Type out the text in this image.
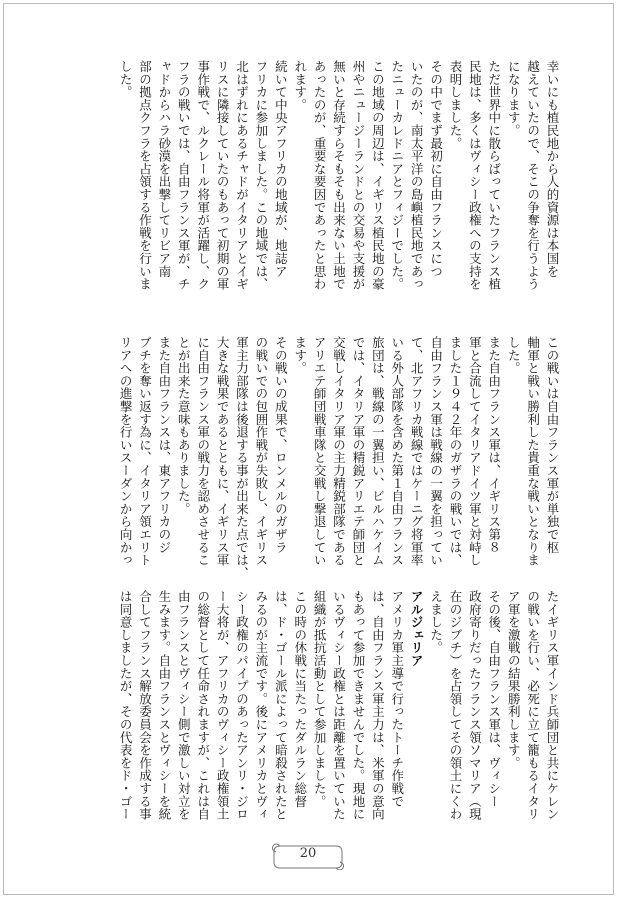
幸いにも植民地から人的資源は本国を
越えていたので、そこの争奪を行うよう
になります。
ただ世界中に散らばっていたフランス植
民地は、多くはヴィシー政権への支持を
表明しました。
その中でまず最初に自由フランスにつ
いたのが、南太平洋の島嶼植民地であっ
たニューカレドニアとフィジーでした。
この地域の周辺は、イギリス植民地の豪
州やニュージーランドとの交易や支援が
無いと存続すらそもそも出来ない土地で
あったのが、重要な要因であったと思わ
れます。
続いて中央アフリカの地域が、地誌ア
フリカに参加しました。この地域では、
北はずれにあるチャドがイタリアとイギ
リスに隣接していたのもあって初期の軍
事作戦で、ルクレール将軍が活躍し、ク
フラの戦いでは、自由フランス軍が、チ
ャドからハラ砂漠を出撃してリビア南
部の拠点クフラを占領する作戦を行いま
した。
この戦いは自由フランス軍が単独で枢
軸軍と戦い勝利した貴重な戦いとなりま
した。
また自由フランス軍は、イギリス第８
軍と合流してイタリアドイツ軍と対峙し
ました１９４２年のガザラの戦いでは、
自由フランス軍は戦線の一翼を担ってい
て、北アフリカ戦線ではケーニグ将軍率
いる外人部隊を含めた第１自由フランス
旅団は、戦線の一翼担い、ビルハケイム
では、イタリア軍の精鋭アリエテ師団と
交戦しイタリア軍の主力精鋭部隊である
アリエテ師団戦車隊と交戦し撃退してい
ます。
その戦いの成果で、ロンメルのガザラ
の戦いでの包囲作戦が失敗し、イギリス
軍主力部隊は後退する事が出来た点では、
大きな戦果であるとともに、イギリス軍
に自由フランス軍の戦力を認めさせるこ
とが出来た意味もありました。
また自由フランスは、東アフリカのジ
ブチを奪い返す為に、イタリア領エリト
リアへの進撃を行いスーダンから向かっ
たイギリス軍インド兵師団と共にケレン
の戦いを行い、必死に立て籠もるイタリ
ア軍を激戦の結果勝利します。
その後、自由フランス軍は、ヴィシー
政府寄りだったフランス領ソマリア（現
在のジブチ）を占領してその領土にくわ
えました。
アルジェリア
アメリカ軍主導で行ったトーチ作戦で
は、自由フランス軍主力は、米軍の意向
もあって参加できませんでした。現地に
いるヴィシー政権とは距離を置いていた
組織が抵抗活動として参加しました。
この時の休戦に当たったダルラン総督
は、ド・ゴール派によって暗殺されたと
みるのが主流です。後にアメリカとヴィ
シー政権のパイプのあったアンリ・ジロ
ー大将が、アフリカのヴィシー政権領土
の総督として任命されますが、これは自
由フランスとヴィシー側で激しい対立を
生みます。自由フランスとヴィシーを統
合してフランス解放委員会を作成する事
は同意しましたが、その代表をド・ゴー
20
